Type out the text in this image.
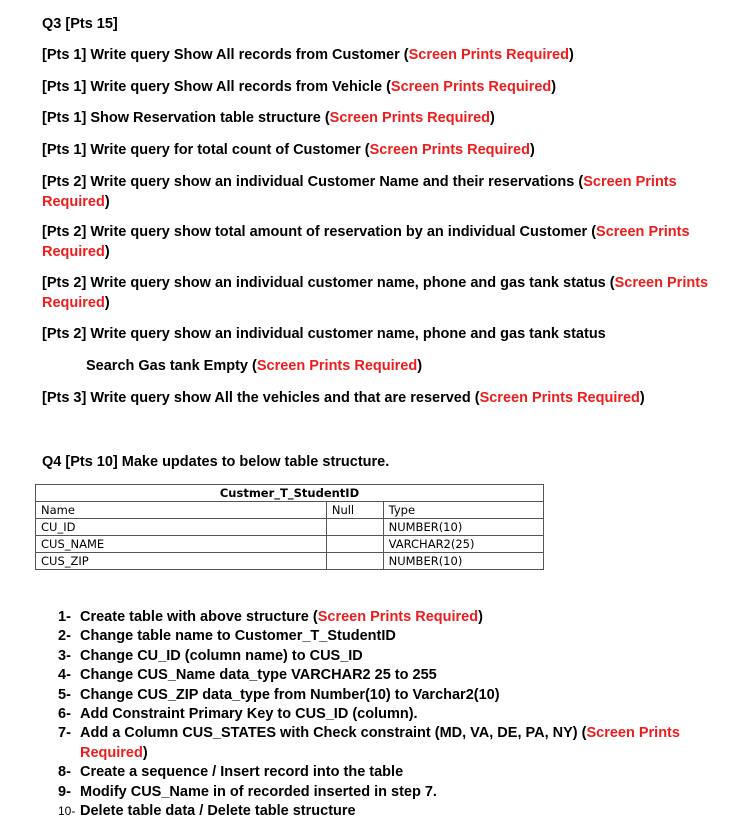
Q3 [Pts 15]
[Pts 1] Write query Show All records from Customer (Screen Prints Required)
[Pts 1] Write query Show All records from Vehicle (Screen Prints Required)
[Pts 1] Show Reservation table structure (Screen Prints Required)
[Pts 1] Write query for total count of Customer (Screen Prints Required)
[Pts 2] Write query show an individual Customer Name and their reservations (Screen Prints Required)
[Pts 2] Write query show total amount of reservation by an individual Customer (Screen Prints Required)
[Pts 2] Write query show an individual customer name, phone and gas tank status (Screen Prints Required)
[Pts 2] Write query show an individual customer name, phone and gas tank status
Search Gas tank Empty (Screen Prints Required)
[Pts 3] Write query show All the vehicles and that are reserved (Screen Prints Required)
Q4 [Pts 10] Make updates to below table structure.
Custmer_T_StudentID		
Name	Null	Type
CU_ID		NUMBER(10)
CUS_NAME		VARCHAR2(25)
CUS_ZIP		NUMBER(10)
1- Create table with above structure (Screen Prints Required)
2- Change table name to Customer_T_StudentID
3- Change CU_ID (column name) to CUS_ID
4- Change CUS_Name data_type VARCHAR2 25 to 255
5- Change CUS_ZIP data_type from Number(10) to Varchar2(10)
6- Add Constraint Primary Key to CUS_ID (column).
7- Add a Column CUS_STATES with Check constraint (MD, VA, DE, PA, NY) (Screen Prints Required)
8- Create a sequence / Insert record into the table
9- Modify CUS_Name in of recorded inserted in step 7.
10- Delete table data / Delete table structure
